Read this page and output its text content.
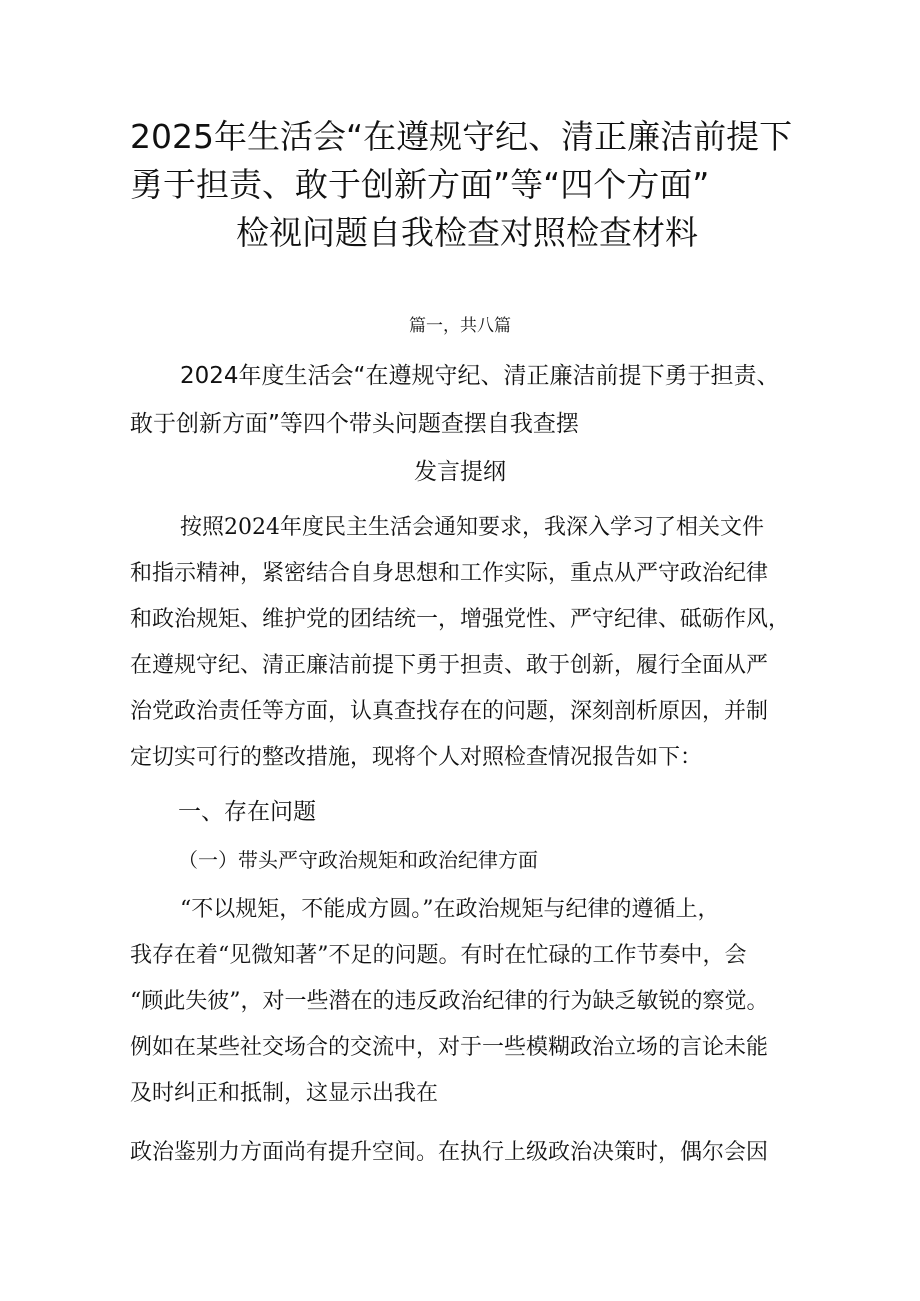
2025年生活会“在遵规守纪、清正廉洁前提下
勇于担责、敢于创新方面”等“四个方面”
检视问题自我检查对照检查材料
篇一，共八篇
2024年度生活会“在遵规守纪、清正廉洁前提下勇于担责、
敢于创新方面”等四个带头问题查摆自我查摆
发言提纲
按照2024年度民主生活会通知要求，我深入学习了相关文件
和指示精神，紧密结合自身思想和工作实际，重点从严守政治纪律
和政治规矩、维护党的团结统一，增强党性、严守纪律、砥砺作风，
在遵规守纪、清正廉洁前提下勇于担责、敢于创新，履行全面从严
治党政治责任等方面，认真查找存在的问题，深刻剖析原因，并制
定切实可行的整改措施，现将个人对照检查情况报告如下：
一、存在问题
（一）带头严守政治规矩和政治纪律方面
“不以规矩，不能成方圆。”在政治规矩与纪律的遵循上，
我存在着“见微知著”不足的问题。有时在忙碌的工作节奏中，会
“顾此失彼”，对一些潜在的违反政治纪律的行为缺乏敏锐的察觉。
例如在某些社交场合的交流中，对于一些模糊政治立场的言论未能
及时纠正和抵制，这显示出我在
政治鉴别力方面尚有提升空间。在执行上级政治决策时，偶尔会因
